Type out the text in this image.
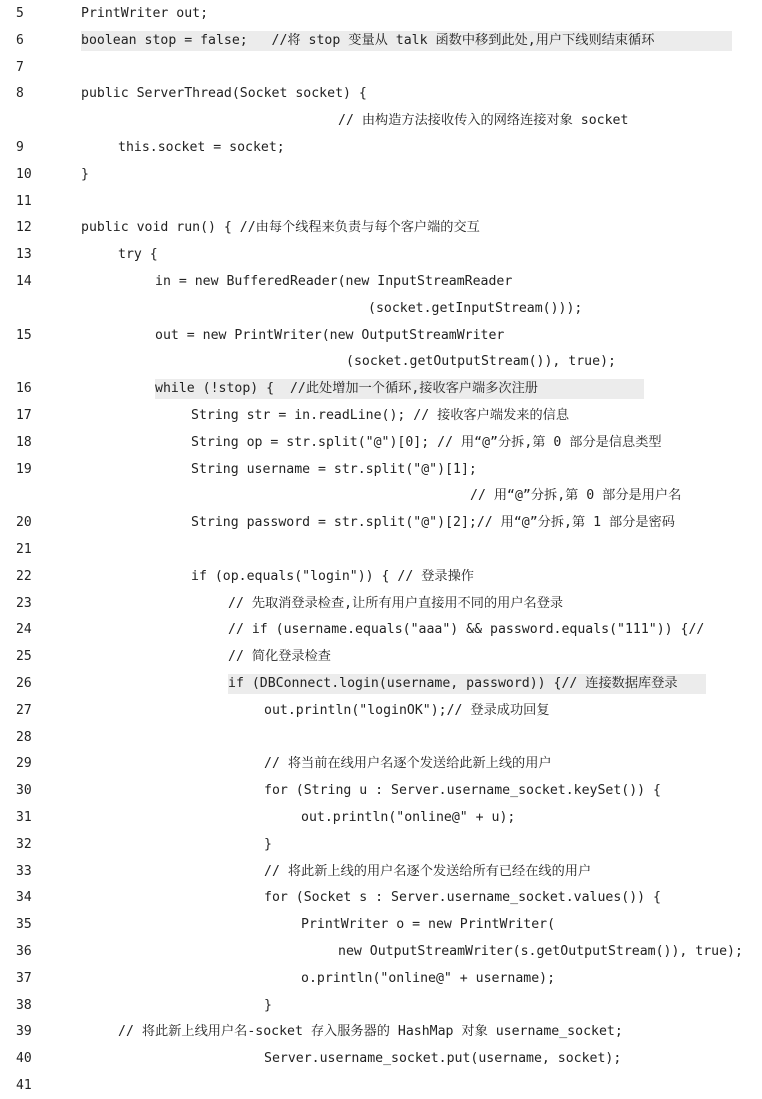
5	PrintWriter out;
6	boolean stop = false;   //将 stop 变量从 talk 函数中移到此处,用户下线则结束循环
7
8	public ServerThread(Socket socket) {
// 由构造方法接收传入的网络连接对象 socket
9	this.socket = socket;
10	}
11
12	public void run() { //由每个线程来负责与每个客户端的交互
13	try {
14	in = new BufferedReader(new InputStreamReader
(socket.getInputStream()));
15	out = new PrintWriter(new OutputStreamWriter
(socket.getOutputStream()), true);
16	while (!stop) {  //此处增加一个循环,接收客户端多次注册
17	String str = in.readLine(); // 接收客户端发来的信息
18	String op = str.split("@")[0]; // 用“@”分拆,第 0 部分是信息类型
19	String username = str.split("@")[1];
// 用“@”分拆,第 0 部分是用户名
20	String password = str.split("@")[2];// 用“@”分拆,第 1 部分是密码
21
22	if (op.equals("login")) { // 登录操作
23	// 先取消登录检查,让所有用户直接用不同的用户名登录
24	// if (username.equals("aaa") && password.equals("111")) {//
25	// 简化登录检查
26	if (DBConnect.login(username, password)) {// 连接数据库登录
27	out.println("loginOK");// 登录成功回复
28
29	// 将当前在线用户名逐个发送给此新上线的用户
30	for (String u : Server.username_socket.keySet()) {
31	out.println("online@" + u);
32	}
33	// 将此新上线的用户名逐个发送给所有已经在线的用户
34	for (Socket s : Server.username_socket.values()) {
35	PrintWriter o = new PrintWriter(
36	new OutputStreamWriter(s.getOutputStream()), true);
37	o.println("online@" + username);
38	}
39	// 将此新上线用户名-socket 存入服务器的 HashMap 对象 username_socket;
40	Server.username_socket.put(username, socket);
41
